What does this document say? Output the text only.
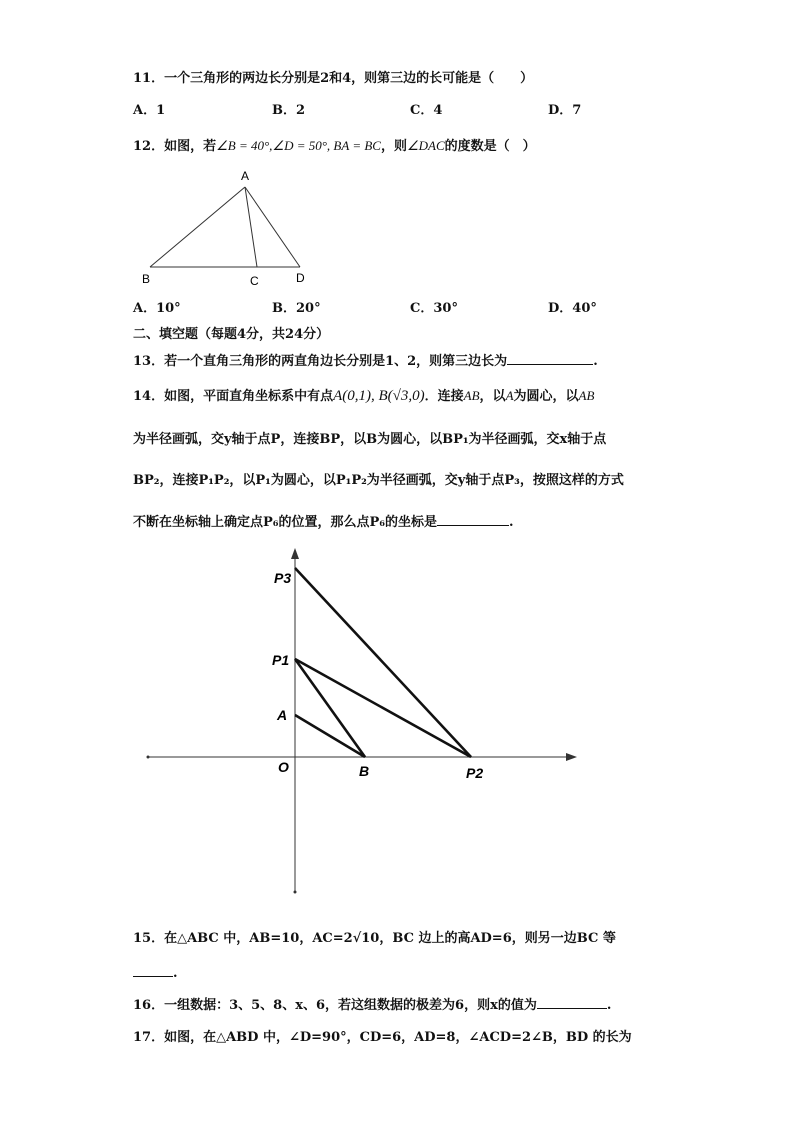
11．一个三角形的两边长分别是2和4，则第三边的长可能是（　　）
A．1	B．2	C．4	D．7
12．如图，若∠B = 40°,∠D = 50°, BA = BC，则∠DAC的度数是（　）
A
B	C	D
A．10°	B．20°	C．30°	D．40°
二、填空题（每题4分，共24分）
13．若一个直角三角形的两直角边长分别是1、2，则第三边长为	.
14．如图，平面直角坐标系中有点A(0,1), B(√3,0)．连接AB，以A为圆心，以AB
为半径画弧，交y轴于点P，连接BP，以B为圆心，以BP₁为半径画弧，交x轴于点
BP₂，连接P₁P₂，以P₁为圆心，以P₁P₂为半径画弧，交y轴于点P₃，按照这样的方式
不断在坐标轴上确定点P₆的位置，那么点P₆的坐标是	.
P3
P1
A
O	B	P2
15．在△ABC 中，AB=10，AC=2√10，BC 边上的高AD=6，则另一边BC 等
.
16．一组数据：3、5、8、x、6，若这组数据的极差为6，则x的值为	.
17．如图，在△ABD 中，∠D=90°，CD=6，AD=8，∠ACD=2∠B，BD 的长为
